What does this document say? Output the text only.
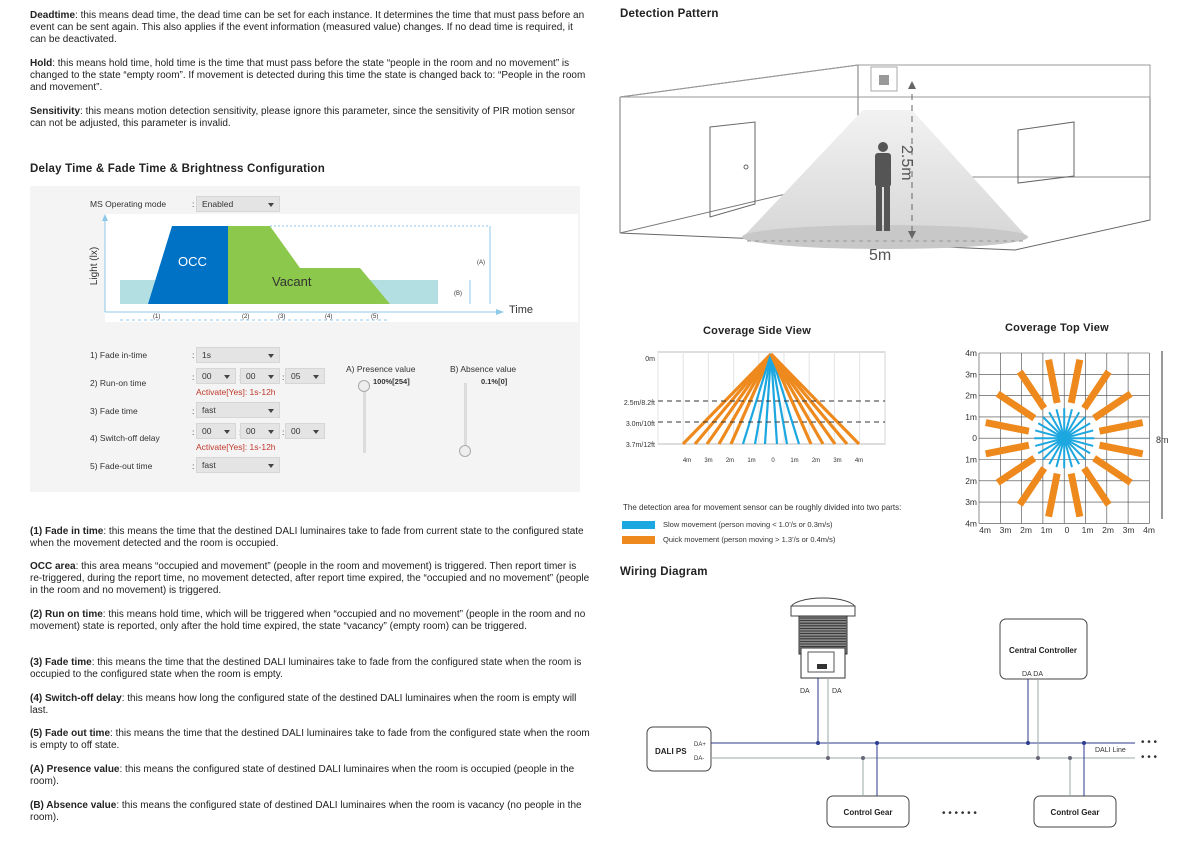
Deadtime: this means dead time, the dead time can be set for each instance. It determines the time that must pass before an event can be sent again. This also applies if the event information (measured value) changes. If no dead time is required, it can be deactivated.
Hold: this means hold time, hold time is the time that must pass before the state “people in the room and no movement” is changed to the state “empty room”. If movement is detected during this time the state is changed back to: “People in the room and movement”.
Sensitivity: this means motion detection sensitivity, please ignore this parameter, since the sensitivity of PIR motion sensor can not be adjusted, this parameter is invalid.
Delay Time & Fade Time & Brightness Configuration
MS Operating mode	: Enabled
Light (lx)
Time
OCC
Vacant
(A)
(B)
(1)	(2)	(3)	(4)	(5)
1) Fade in-time	: 1s
2) Run-on time
: 00	00	: 05
Activate[Yes]: 1s-12h
3) Fade time	: fast
4) Switch-off delay
: 00	00	: 00
Activate[Yes]: 1s-12h
5) Fade-out time	: fast
A) Presence value
100%[254]
B) Absence value
0.1%[0]
(1) Fade in time: this means the time that the destined DALI luminaires take to fade from current state to the configured state when the movement detected and the room is occupied.
OCC area: this area means “occupied and movement” (people in the room and movement) is triggered. Then report timer is re-triggered, during the report time, no movement detected, after report time expired, the “occupied and no movement” (people in the room and no movement) is triggered.
(2) Run on time: this means hold time, which will be triggered when “occupied and no movement” (people in the room and no movement) state is reported, only after the hold time expired, the state “vacancy” (empty room) can be triggered.
(3) Fade time: this means the time that the destined DALI luminaires take to fade from the configured state when the room is occupied to the configured state when the room is empty.
(4) Switch-off delay: this means how long the configured state of the destined DALI luminaires when the room is empty will last.
(5) Fade out time: this means the time that the destined DALI luminaires take to fade from the configured state when the room is empty to off state.
(A) Presence value: this means the configured state of destined DALI luminaires when the room is occupied (people in the room).
(B) Absence value: this means the configured state of destined DALI luminaires when the room is vacancy (no people in the room).
Detection Pattern
2.5m
5m
Coverage Side View
0m
2.5m/8.2ft
3.0m/10ft
3.7m/12ft
4m 3m 2m 1m	0	1m 2m 3m 4m
Coverage Top View
4m
3m
2m
1m
0
1m
2m
3m
4m
4m 3m 2m 1m 0 1m 2m 3m 4m
8m
The detection area for movement sensor can be roughly divided into two parts:
Slow movement (person moving < 1.0’/s or 0.3m/s)
Quick movement (person moving > 1.3’/s or 0.4m/s)
Wiring Diagram
DA	DA
Central Controller
DA DA
DALI PS
DA+
DA-
DALI Line
• • •
• • •
Control Gear	• • • • • •	Control Gear
